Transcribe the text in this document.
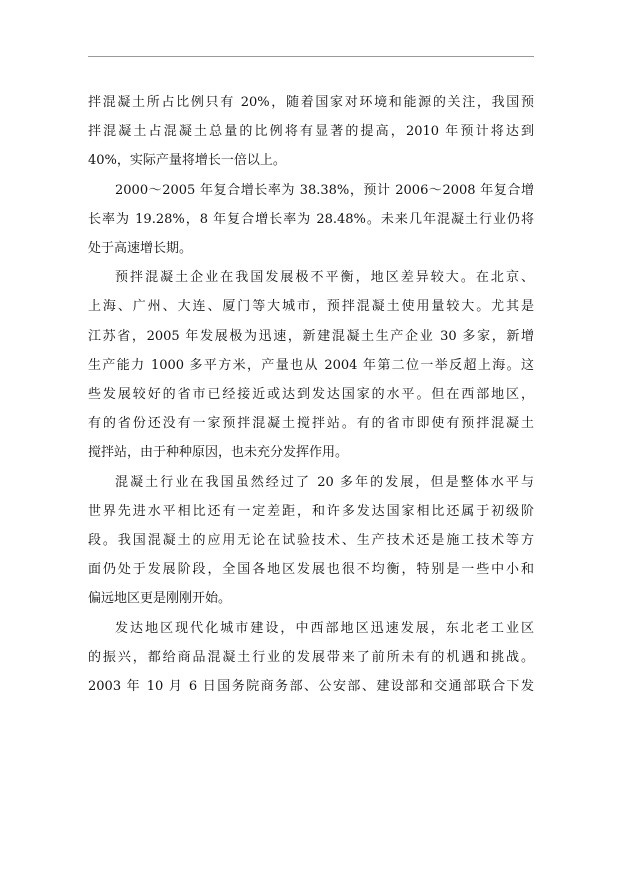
拌混凝土所占比例只有 20%，随着国家对环境和能源的关注，我国预
拌混凝土占混凝土总量的比例将有显著的提高，2010 年预计将达到
40%，实际产量将增长一倍以上。

2000～2005 年复合增长率为 38.38%，预计 2006～2008 年复合增
长率为 19.28%，8 年复合增长率为 28.48%。未来几年混凝土行业仍将
处于高速增长期。

预拌混凝土企业在我国发展极不平衡，地区差异较大。在北京、
上海、广州、大连、厦门等大城市，预拌混凝土使用量较大。尤其是
江苏省，2005 年发展极为迅速，新建混凝土生产企业 30 多家，新增
生产能力 1000 多平方米，产量也从 2004 年第二位一举反超上海。这
些发展较好的省市已经接近或达到发达国家的水平。但在西部地区，
有的省份还没有一家预拌混凝土搅拌站。有的省市即使有预拌混凝土
搅拌站，由于种种原因，也未充分发挥作用。

混凝土行业在我国虽然经过了 20 多年的发展，但是整体水平与
世界先进水平相比还有一定差距，和许多发达国家相比还属于初级阶
段。我国混凝土的应用无论在试验技术、生产技术还是施工技术等方
面仍处于发展阶段，全国各地区发展也很不均衡，特别是一些中小和
偏远地区更是刚刚开始。

发达地区现代化城市建设，中西部地区迅速发展，东北老工业区
的振兴，都给商品混凝土行业的发展带来了前所未有的机遇和挑战。
2003 年 10 月 6 日国务院商务部、公安部、建设部和交通部联合下发
